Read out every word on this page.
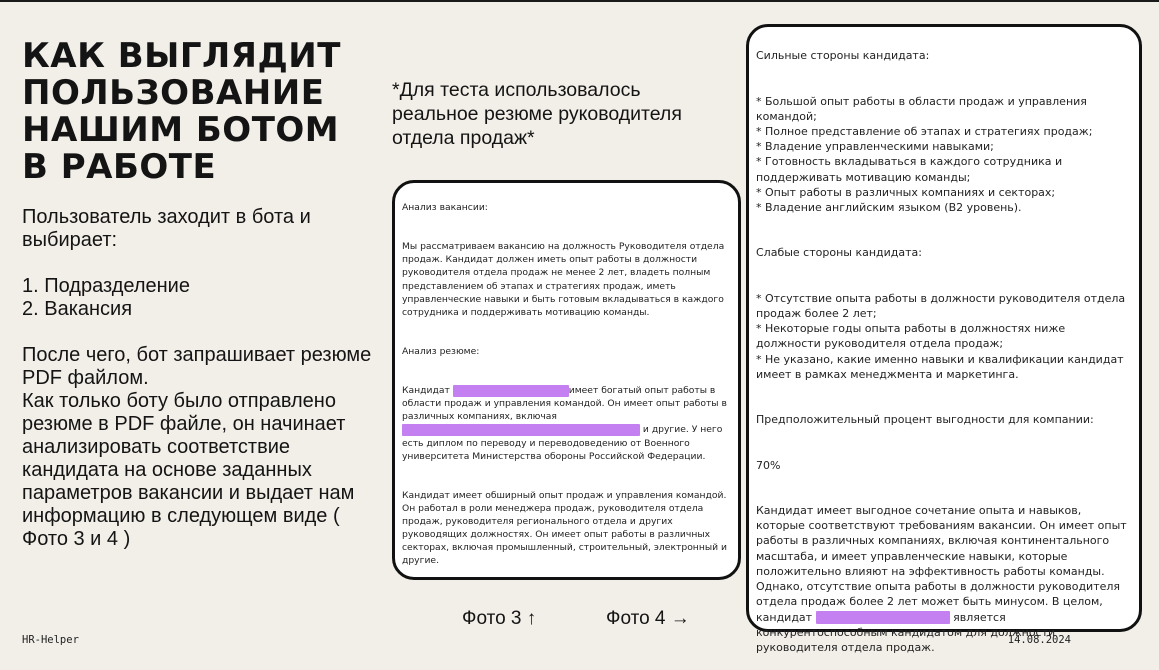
КАК ВЫГЛЯДИТ
ПОЛЬЗОВАНИЕ
НАШИМ БОТОМ
В РАБОТЕ
Пользователь заходит в бота и выбирает:

1. Подразделение
2. Вакансия

После чего, бот запрашивает резюме PDF файлом.
Как только боту было отправлено резюме в PDF файле, он начинает анализировать соответствие кандидата на основе заданных параметров вакансии и выдает нам информацию в следующем виде ( Фото 3 и 4 )
*Для теста использовалось реальное резюме руководителя отдела продаж*

Анализ вакансии:

Мы рассматриваем вакансию на должность Руководителя отдела продаж. Кандидат должен иметь опыт работы в должности руководителя отдела продаж не менее 2 лет, владеть полным представлением об этапах и стратегиях продаж, иметь управленческие навыки и быть готовым вкладываться в каждого сотрудника и поддерживать мотивацию команды.

Анализ резюме:

Кандидат	имеет богатый опыт работы в области продаж и управления командой. Он имеет опыт работы в различных компаниях, включая  и другие. У него есть диплом по переводу и переводоведению от Военного университета Министерства обороны Российской Федерации.

Кандидат имеет обширный опыт продаж и управления командой. Он работал в роли менеджера продаж, руководителя отдела продаж, руководителя регионального отдела и других руководящих должностях. Он имеет опыт работы в различных секторах, включая промышленный, строительный, электронный и другие.

Сильные стороны кандидата:

* Большой опыт работы в области продаж и управления командой;
* Полное представление об этапах и стратегиях продаж;
* Владение управленческими навыками;
* Готовность вкладываться в каждого сотрудника и поддерживать мотивацию команды;
* Опыт работы в различных компаниях и секторах;
* Владение английским языком (B2 уровень).

Слабые стороны кандидата:

* Отсутствие опыта работы в должности руководителя отдела продаж более 2 лет;
* Некоторые годы опыта работы в должностях ниже должности руководителя отдела продаж;
* Не указано, какие именно навыки и квалификации кандидат имеет в рамках менеджмента и маркетинга.

Предположительный процент выгодности для компании:

70%

Кандидат имеет выгодное сочетание опыта и навыков, которые соответствуют требованиям вакансии. Он имеет опыт работы в различных компаниях, включая континентального масштаба, и имеет управленческие навыки, которые положительно влияют на эффективность работы команды. Однако, отсутствие опыта работы в должности руководителя отдела продаж более 2 лет может быть минусом. В целом, кандидат	является конкурентоспособным кандидатом для должности руководителя отдела продаж.

Фото 3 ↑	Фото 4 →
HR-Helper	14.08.2024
